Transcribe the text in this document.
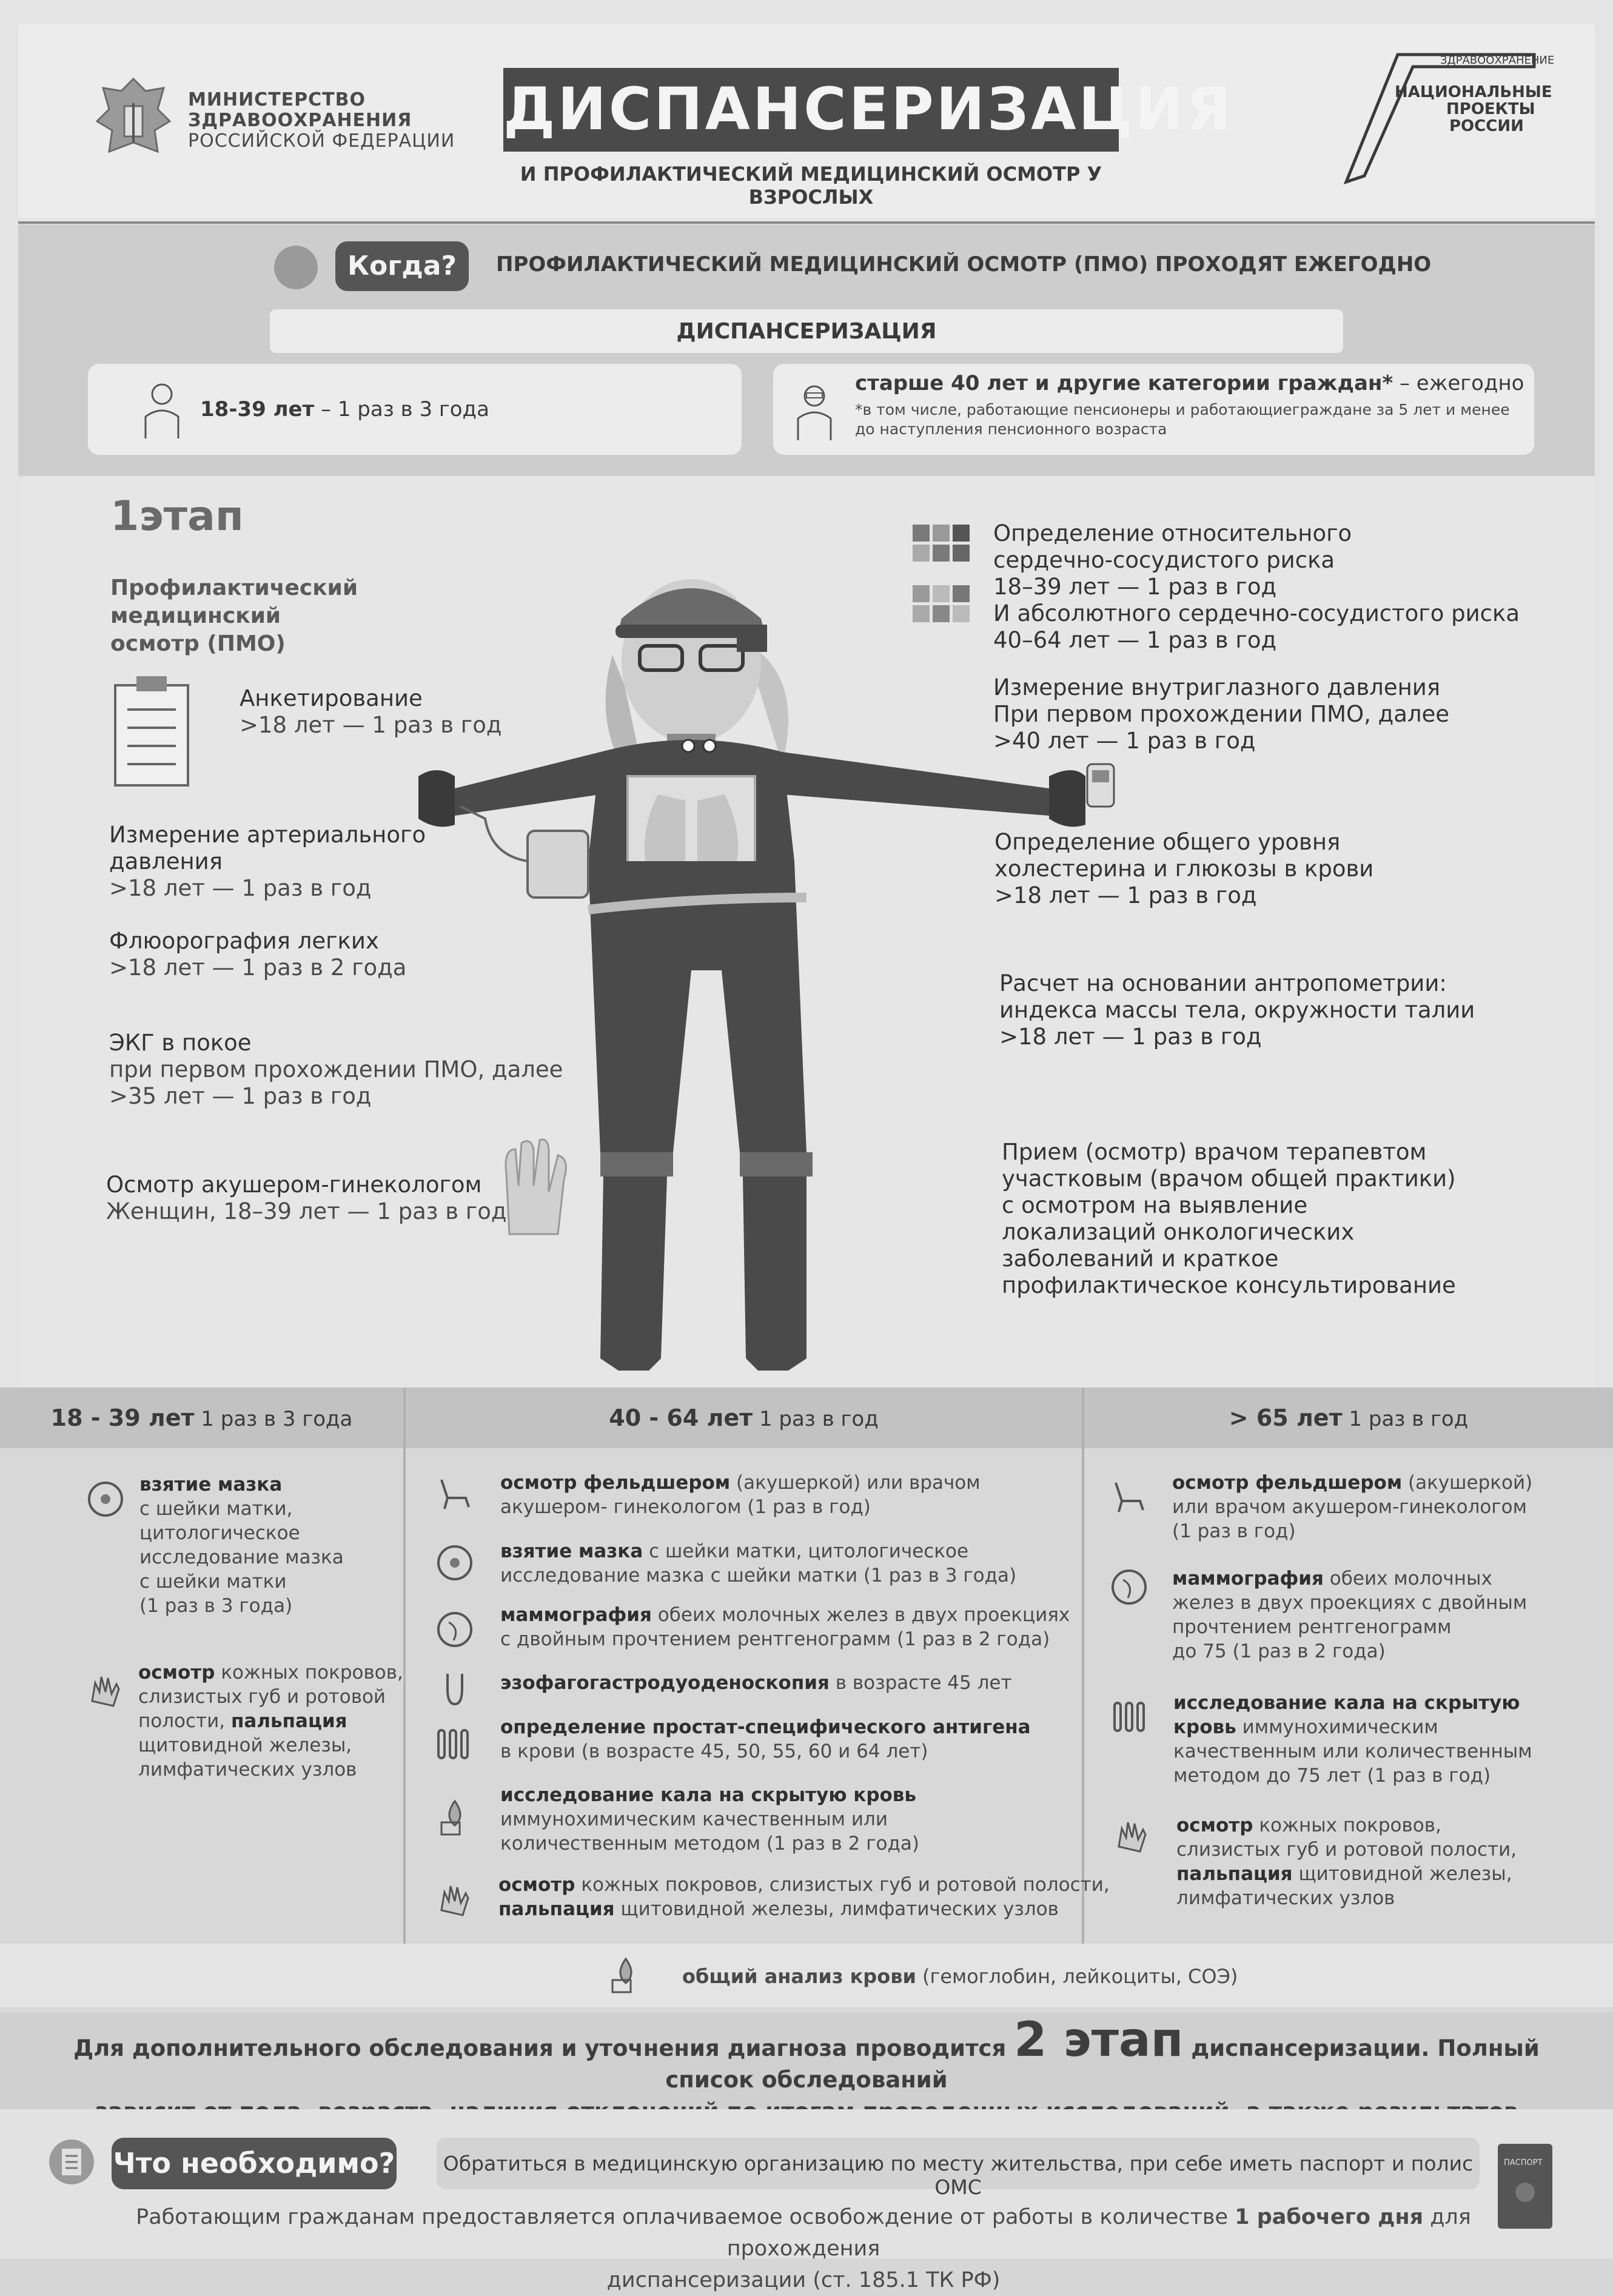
МИНИСТЕРСТВО
ЗДРАВООХРАНЕНИЯ
РОССИЙСКОЙ ФЕДЕРАЦИИ ДИСПАНСЕРИЗАЦИЯ
И ПРОФИЛАКТИЧЕСКИЙ МЕДИЦИНСКИЙ ОСМОТР У ВЗРОСЛЫХ
ЗДРАВООХРАНЕНИЕ
НАЦИОНАЛЬНЫЕ
ПРОЕКТЫ
РОССИИ
Когда?	ПРОФИЛАКТИЧЕСКИЙ МЕДИЦИНСКИЙ ОСМОТР (ПМО) ПРОХОДЯТ ЕЖЕГОДНО
ДИСПАНСЕРИЗАЦИЯ
18-39 лет – 1 раз в 3 года
старше 40 лет и другие категории граждан* – ежегодно
*в том числе, работающие пенсионеры и работающиеграждане за 5 лет и менее
до наступления пенсионного возраста
1этап
Профилактический медицинский
осмотр (ПМО)
Анкетирование
>18 лет — 1 раз в год
Измерение артериального
давления
>18 лет — 1 раз в год
Флюорография легких
>18 лет — 1 раз в 2 года
ЭКГ в покое
при первом прохождении ПМО, далее
>35 лет — 1 раз в год
Осмотр акушером-гинекологом
Женщин, 18–39 лет — 1 раз в год
Определение относительного
сердечно-сосудистого риска
18–39 лет — 1 раз в год
И абсолютного сердечно-сосудистого риска
40–64 лет — 1 раз в год
Измерение внутриглазного давления
При первом прохождении ПМО, далее
>40 лет — 1 раз в год
Определение общего уровня
холестерина и глюкозы в крови
>18 лет — 1 раз в год
Расчет на основании антропометрии:
индекса массы тела, окружности талии
>18 лет — 1 раз в год
Прием (осмотр) врачом терапевтом
участковым (врачом общей практики)
с осмотром на выявление
локализаций онкологических
заболеваний и краткое
профилактическое консультирование
18 - 39 лет 1 раз в 3 года	40 - 64 лет 1 раз в год	> 65 лет 1 раз в год
взятие мазка
с шейки матки,
цитологическое
исследование мазка
с шейки матки
(1 раз в 3 года)
осмотр кожных покровов,
слизистых губ и ротовой
полости, пальпация
щитовидной железы,
лимфатических узлов
осмотр фельдшером (акушеркой) или врачом
акушером- гинекологом (1 раз в год)
взятие мазка с шейки матки, цитологическое
исследование мазка с шейки матки (1 раз в 3 года)
маммография обеих молочных желез в двух проекциях
с двойным прочтением рентгенограмм (1 раз в 2 года)
эзофагогастродуоденоскопия в возрасте 45 лет
определение простат-специфического антигена
в крови (в возрасте 45, 50, 55, 60 и 64 лет)
исследование кала на скрытую кровь
иммунохимическим качественным или
количественным методом (1 раз в 2 года)
осмотр кожных покровов, слизистых губ и ротовой полости,
пальпация щитовидной железы, лимфатических узлов
осмотр фельдшером (акушеркой)
или врачом акушером-гинекологом
(1 раз в год)
маммография обеих молочных
желез в двух проекциях с двойным
прочтением рентгенограмм
до 75 (1 раз в 2 года)
исследование кала на скрытую
кровь иммунохимическим
качественным или количественным
методом до 75 лет (1 раз в год)
осмотр кожных покровов,
слизистых губ и ротовой полости,
пальпация щитовидной железы,
лимфатических узлов
общий анализ крови (гемоглобин, лейкоциты, СОЭ)
Для дополнительного обследования и уточнения диагноза проводится 2 этап диспансеризации. Полный список обследований
Что необходимо?	Обратиться в медицинскую организацию по месту жительства, при себе иметь паспорт и полис ОМС
ПАСПОРТ
Работающим гражданам предоставляется оплачиваемое освобождение от работы в количестве 1 рабочего дня для прохождения
диспансеризации (ст. 185.1 ТК РФ)
